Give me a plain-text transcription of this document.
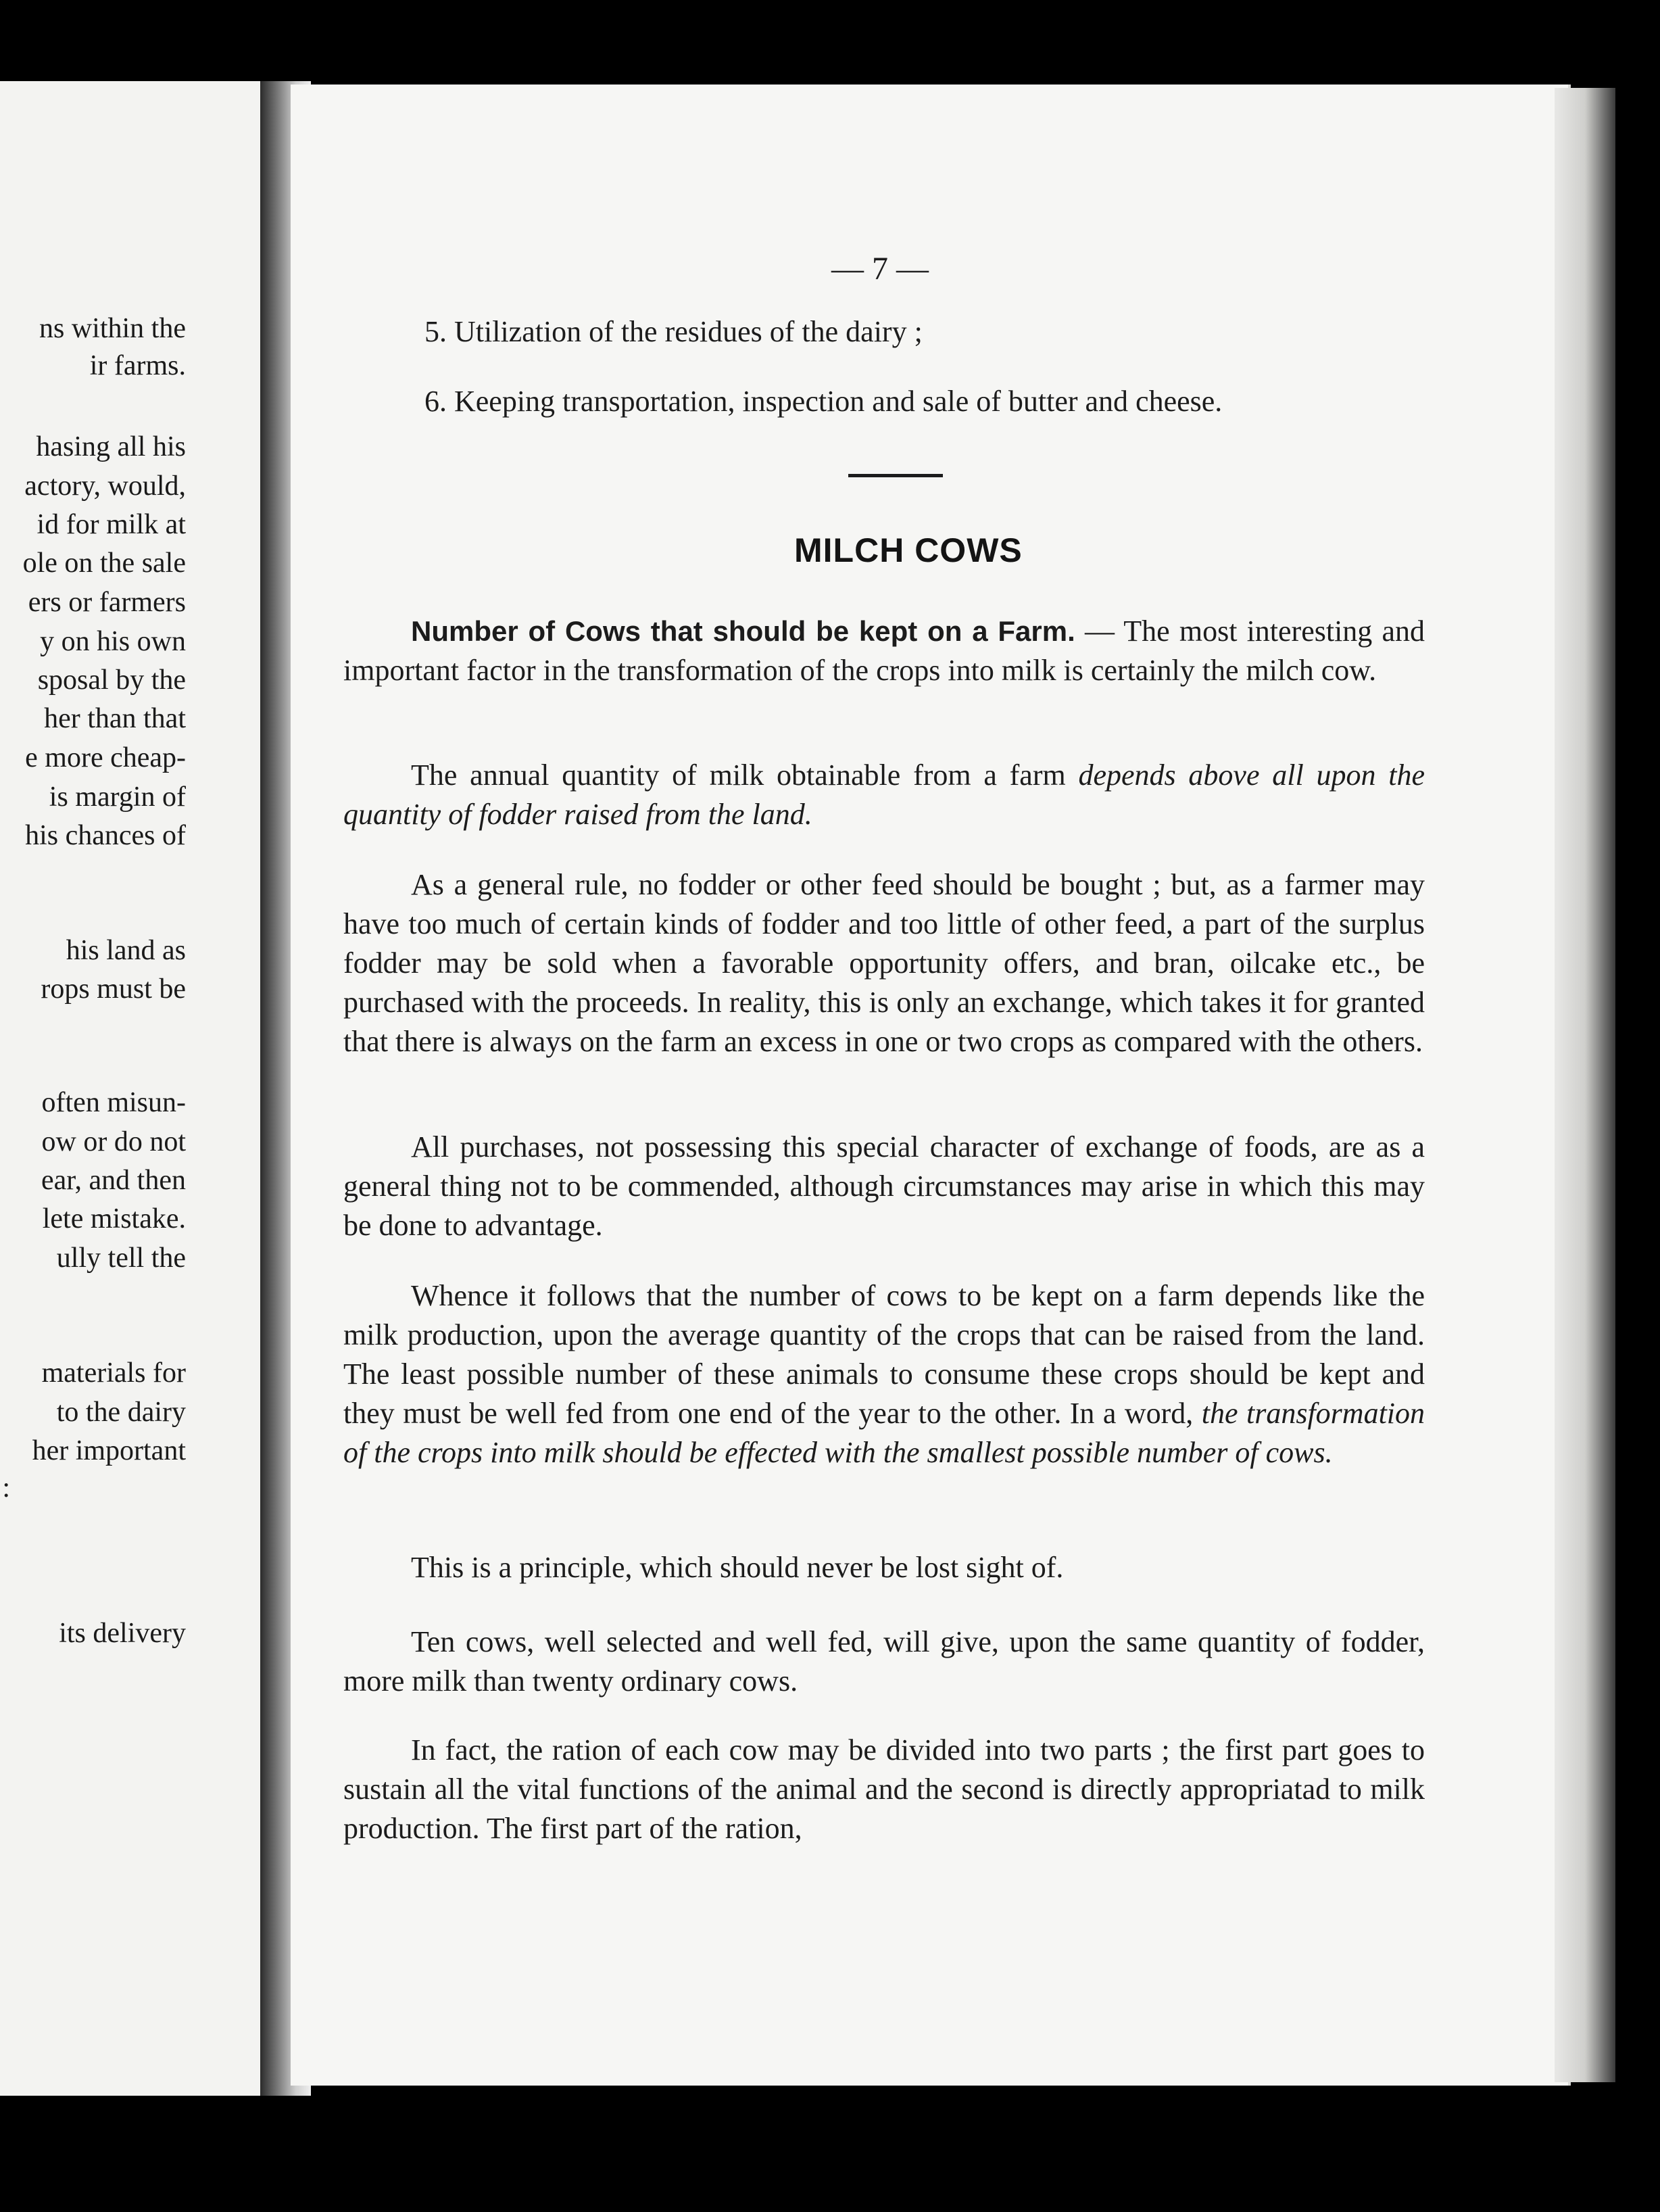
ns within the
ir farms.
hasing all his
actory, would,
id for milk at
ole on the sale
ers or farmers
y on his own
sposal by the
her than that
e more cheap-
is margin of
his chances of
his land as
rops must be
often misun-
ow or do not
ear, and then
lete mistake.
ully tell the
materials for
to the dairy
her important
:
its delivery
— 7 —
5. Utilization of the residues of the dairy ;
6. Keeping transportation, inspection and sale of butter and cheese.
MILCH COWS

Number of Cows that should be kept on a Farm. — The most interesting and important factor in the transformation of the crops into milk is certainly the milch cow.

The annual quantity of milk obtainable from a farm depends above all upon the quantity of fodder raised from the land.

As a general rule, no fodder or other feed should be bought ; but, as a farmer may have too much of certain kinds of fodder and too little of other feed, a part of the surplus fodder may be sold when a favorable opportunity offers, and bran, oilcake etc., be purchased with the proceeds. In reality, this is only an exchange, which takes it for granted that there is always on the farm an excess in one or two crops as compared with the others.

All purchases, not possessing this special character of exchange of foods, are as a general thing not to be commended, although circumstances may arise in which this may be done to advantage.

Whence it follows that the number of cows to be kept on a farm depends like the milk production, upon the average quantity of the crops that can be raised from the land. The least possible number of these animals to consume these crops should be kept and they must be well fed from one end of the year to the other. In a word, the transformation of the crops into milk should be effected with the smallest possible number of cows.

This is a principle, which should never be lost sight of.

Ten cows, well selected and well fed, will give, upon the same quantity of fodder, more milk than twenty ordinary cows.

In fact, the ration of each cow may be divided into two parts ; the first part goes to sustain all the vital functions of the animal and the second is directly appropriatad to milk production. The first part of the ration,
